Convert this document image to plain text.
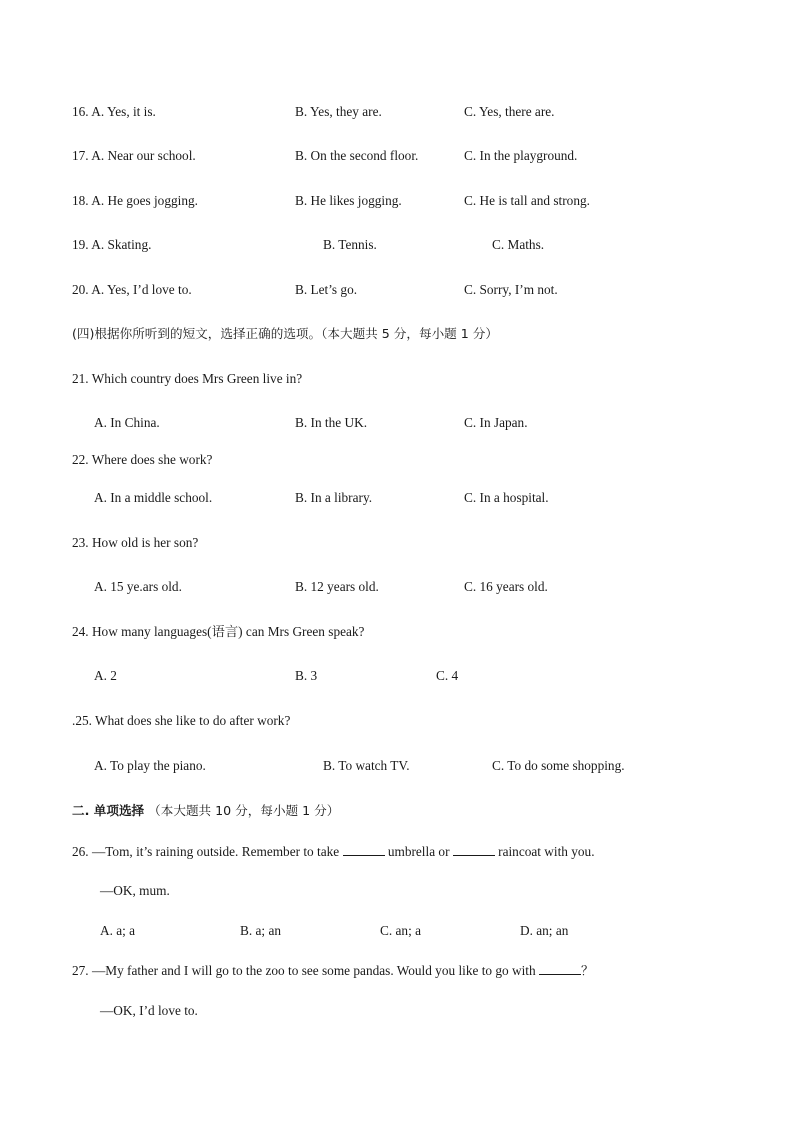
16. A. Yes, it is.	B. Yes, they are.	C. Yes, there are.
17. A. Near our school.	B. On the second floor.	C. In the playground.
18. A. He goes jogging.	B. He likes jogging.	C. He is tall and strong.
19. A. Skating.	B. Tennis.	C. Maths.
20. A. Yes, I’d love to.	B. Let’s go.	C. Sorry, I’m not.
(四)根据你所听到的短文，选择正确的选项。（本大题共 5 分，每小题 1 分）
21. Which country does Mrs Green live in?
A. In China.	B. In the UK.	C. In Japan.
22. Where does she work?
A. In a middle school.	B. In a library.	C. In a hospital.
23. How old is her son?
A. 15 ye.ars old.	B. 12 years old.	C. 16 years old.
24. How many languages(语言) can Mrs Green speak?
A. 2	B. 3	C. 4
.25. What does she like to do after work?
A. To play the piano.	B. To watch TV.	C. To do some shopping.
二. 单项选择 （本大题共 10 分，每小题 1 分）
26. —Tom, it’s raining outside. Remember to take	umbrella or	raincoat with you.
—OK, mum.
A. a; a	B. a; an	C. an; a	D. an; an
27. —My father and I will go to the zoo to see some pandas. Would you like to go with	？
—OK, I’d love to.
